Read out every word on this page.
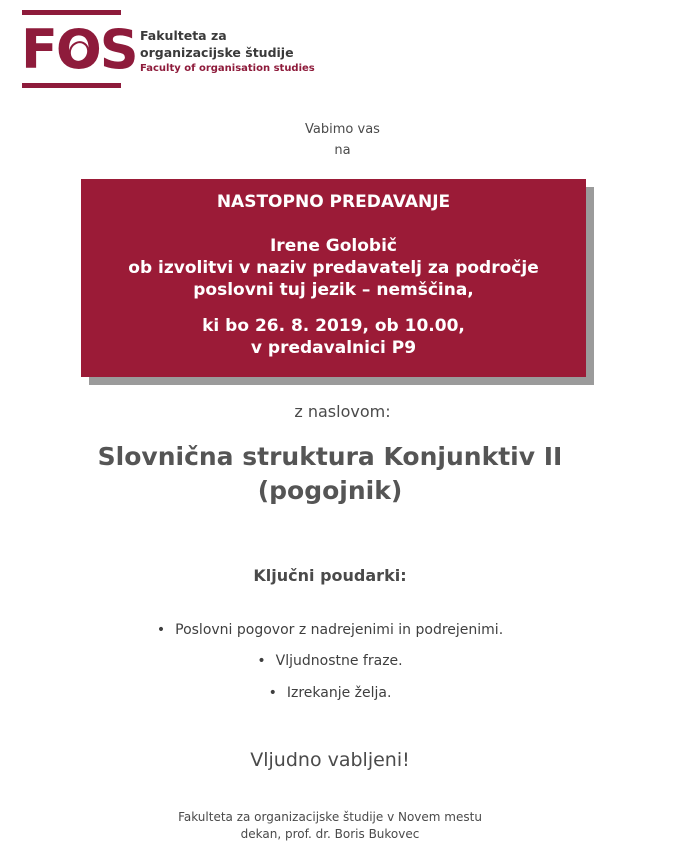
FO
S Fakulteta za
organizacijske študije
Faculty of organisation studies
Vabimo vas
na
NASTOPNO PREDAVANJE
Irene Golobič
ob izvolitvi v naziv predavatelj za področje
poslovni tuj jezik – nemščina,
ki bo 26. 8. 2019, ob 10.00,
v predavalnici P9
z naslovom:
Slovnična struktura Konjunktiv II
(pogojnik)
Ključni poudarki:
• Poslovni pogovor z nadrejenimi in podrejenimi.
• Vljudnostne fraze.
• Izrekanje želja.
Vljudno vabljeni!
Fakulteta za organizacijske študije v Novem mestu
dekan, prof. dr. Boris Bukovec
